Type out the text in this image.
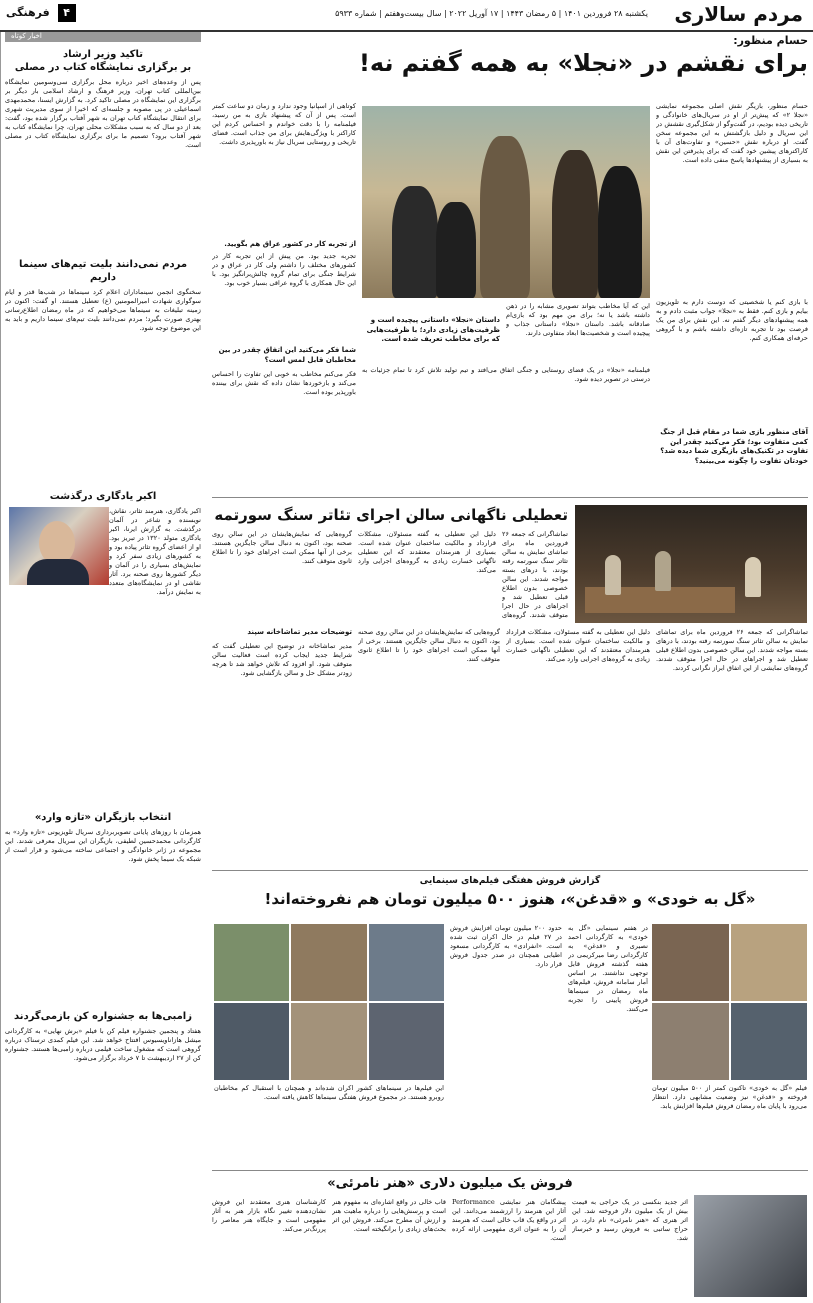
مردم سالاری
یکشنبه ۲۸ فروردین ۱۴۰۱ | ۵ رمضان ۱۴۴۳ | ۱۷ آوریل ۲۰۲۲ | سال بیست‌وهفتم | شماره ۵۹۳۳
۴ فرهنگی
اخبار کوتاه
تاکید وزیر ارشاد
بر برگزاری نمایشگاه کتاب در مصلی
پس از وعده‌های اخیر درباره محل برگزاری سی‌وسومین نمایشگاه بین‌المللی کتاب تهران، وزیر فرهنگ و ارشاد اسلامی بار دیگر بر برگزاری این نمایشگاه در مصلی تاکید کرد. به گزارش ایسنا، محمدمهدی اسماعیلی در پی مصوبه و جلسه‌ای که اخیرا از سوی مدیریت شهری برای انتقال نمایشگاه کتاب تهران به شهر آفتاب برگزار شده بود، گفت: بعد از دو سال که به سبب مشکلات محلی تهران، چرا نمایشگاه کتاب به شهر آفتاب برود؟ تصمیم ما برای برگزاری نمایشگاه کتاب در مصلی است.
مردم نمی‌دانند بلیت تیم‌های سینما داریم
سخنگوی انجمن سینماداران اعلام کرد سینماها در شب‌ها قدر و ایام سوگواری شهادت امیرالمومنین (ع) تعطیل هستند. او گفت: اکنون در زمینه تبلیغات به سینماها می‌خواهیم که در ماه رمضان اطلاع‌رسانی بهتری صورت بگیرد؛ مردم نمی‌دانند بلیت تیم‌های سینما داریم و باید به این موضوع توجه شود.
اکبر یادگاری درگذشت
اکبر یادگاری، هنرمند تئاتر، نقاش، نویسنده و شاعر در آلمان درگذشت. به گزارش ایرنا، اکبر یادگاری متولد ۱۳۲۰ در تبریز بود. او از اعضای گروه تئاتر پیاده بود و به کشورهای زیادی سفر کرد و نمایش‌های بسیاری را در آلمان و دیگر کشورها روی صحنه برد. آثار نقاشی او در نمایشگاه‌های متعدد به نمایش درآمد.
انتخاب بازیگران «تازه وارد»
همزمان با روزهای پایانی تصویربرداری سریال تلویزیونی «تازه وارد» به کارگردانی محمدحسین لطیفی، بازیگران این سریال معرفی شدند. این مجموعه در ژانر خانوادگی و اجتماعی ساخته می‌شود و قرار است از شبکه یک سیما پخش شود.
زامبی‌ها به جشنواره کن بازمی‌گردند
هفتاد و پنجمین جشنواره فیلم کن با فیلم «برش نهایی» به کارگردانی میشل هازاناویسیوس افتتاح خواهد شد. این فیلم کمدی ترسناک درباره گروهی است که مشغول ساخت فیلمی درباره زامبی‌ها هستند. جشنواره کن از ۲۷ اردیبهشت تا ۷ خرداد برگزار می‌شود.
حسام منظور:
برای نقشم در «نجلا» به همه گفتم نه!
حسام منظور، بازیگر نقش اصلی مجموعه نمایشی «نجلا ۲» که پیش‌تر از او در سریال‌های خانوادگی و تاریخی دیده بودیم، در گفت‌وگو از شکل‌گیری نقشش در این سریال و دلیل بازگشتش به این مجموعه سخن گفت. او درباره نقش «حسین» و تفاوت‌های آن با کاراکترهای پیشین خود گفت که برای پذیرفتن این نقش به بسیاری از پیشنهادها پاسخ منفی داده است.
با بازی کنم یا شخصیتی که دوست دارم به تلویزیون بیایم و بازی کنم. فقط به «نجلا» جواب مثبت دادم و به همه پیشنهادهای دیگر گفتم نه. این نقش برای من یک فرصت بود تا تجربه تازه‌ای داشته باشم و با گروهی حرفه‌ای همکاری کنم.
آقای منظور بازی شما در مقام قبل از جنگ کمی متفاوت بود؛ فکر می‌کنید چقدر این تفاوت در تکنیک‌های بازیگری شما دیده شد؟ خودتان تفاوت را چگونه می‌بینید؟
این که آیا مخاطب بتواند تصویری مشابه را در ذهن داشته باشد یا نه؛ برای من مهم بود که بازی‌ام صادقانه باشد. داستان «نجلا» داستانی جذاب و پیچیده است و شخصیت‌ها ابعاد متفاوتی دارند.
داستان «نجلا» داستانی پیچیده است و ظرفیت‌های زیادی دارد؛ با ظرفیت‌هایی که برای مخاطب تعریف شده است.
فیلمنامه «نجلا» در یک فضای روستایی و جنگی اتفاق می‌افتد و تیم تولید تلاش کرد تا تمام جزئیات به درستی در تصویر دیده شود.
کوتاهی از اسپانیا وجود ندارد و زمان دو ساعت کمتر است. پس از آن که پیشنهاد بازی به من رسید، فیلمنامه را با دقت خواندم و احساس کردم این کاراکتر با ویژگی‌هایش برای من جذاب است. فضای تاریخی و روستایی سریال نیاز به باورپذیری داشت.
از تجربه کار در کشور عراق هم بگویید.
تجربه جدید بود. من پیش از این تجربه کار در کشورهای مختلف را داشتم ولی کار در عراق و در شرایط جنگی برای تمام گروه چالش‌برانگیز بود. با این حال همکاری با گروه عراقی بسیار خوب بود.
شما فکر می‌کنید این اتفاق چقدر در بین مخاطبان قابل لمس است؟
فکر می‌کنم مخاطب به خوبی این تفاوت را احساس می‌کند و بازخوردها نشان داده که نقش برای بیننده باورپذیر بوده است.
تعطیلی ناگهانی سالن اجرای تئاتر سنگ سورتمه
تماشاگرانی که جمعه ۲۶ فروردین ماه برای تماشای نمایش به سالن تئاتر سنگ سورتمه رفته بودند، با درهای بسته مواجه شدند. این سالن خصوصی بدون اطلاع قبلی تعطیل شد و اجراهای در حال اجرا متوقف شدند. گروه‌های
دلیل این تعطیلی به گفته مسئولان، مشکلات قرارداد و مالکیت ساختمان عنوان شده است. بسیاری از هنرمندان معتقدند که این تعطیلی ناگهانی خسارت زیادی به گروه‌های اجرایی وارد می‌کند.
گروه‌هایی که نمایش‌هایشان در این سالن روی صحنه بود، اکنون به دنبال سالن جایگزین هستند. برخی از آنها ممکن است اجراهای خود را تا اطلاع ثانوی متوقف کنند.
تماشاگرانی که جمعه ۲۶ فروردین ماه برای تماشای نمایش به سالن تئاتر سنگ سورتمه رفته بودند، با درهای بسته مواجه شدند. این سالن خصوصی بدون اطلاع قبلی تعطیل شد و اجراهای در حال اجرا متوقف شدند. گروه‌های نمایشی از این اتفاق ابراز نگرانی کردند.
دلیل این تعطیلی به گفته مسئولان، مشکلات قرارداد و مالکیت ساختمان عنوان شده است. بسیاری از هنرمندان معتقدند که این تعطیلی ناگهانی خسارت زیادی به گروه‌های اجرایی وارد می‌کند.
گروه‌هایی که نمایش‌هایشان در این سالن روی صحنه بود، اکنون به دنبال سالن جایگزین هستند. برخی از آنها ممکن است اجراهای خود را تا اطلاع ثانوی متوقف کنند.
توضیحات مدیر تماشاخانه سپند
مدیر تماشاخانه در توضیح این تعطیلی گفت که شرایط جدید ایجاب کرده است فعالیت سالن متوقف شود. او افزود که تلاش خواهد شد تا هرچه زودتر مشکل حل و سالن بازگشایی شود.
گزارش فروش هفتگی فیلم‌های سینمایی
«گل به خودی» و «قدغن»، هنوز ۵۰۰ میلیون تومان هم نفروخته‌اند!
در هفتم سینمایی «گل به خودی» به کارگردانی احمد نصیری و «قدغن» به کارگردانی رضا میرکریمی در هفته گذشته فروش قابل توجهی نداشتند. بر اساس آمار سامانه فروش، فیلم‌های ماه رمضان در سینماها فروش پایینی را تجربه می‌کنند.
حدود ۲۰۰ میلیون تومان افزایش فروش در ۲۷ فیلم در حال اکران ثبت شده است. «انفرادی» به کارگردانی مسعود اطیابی همچنان در صدر جدول فروش قرار دارد.
این فیلم‌ها در سینماهای کشور اکران شده‌اند و همچنان با استقبال کم مخاطبان روبرو هستند. در مجموع فروش هفتگی سینماها کاهش یافته است.
فیلم «گل به خودی» تاکنون کمتر از ۵۰۰ میلیون تومان فروخته و «قدغن» نیز وضعیت مشابهی دارد. انتظار می‌رود با پایان ماه رمضان فروش فیلم‌ها افزایش یابد.
فروش یک میلیون دلاری «هنر نامرئی»
اثر جدید بنکسی در یک حراجی به قیمت بیش از یک میلیون دلار فروخته شد. این اثر هنری که «هنر نامرئی» نام دارد، در حراج ساتبی به فروش رسید و خبرساز شد.
پیشگامان هنر نمایشی Performance آثار این هنرمند را ارزشمند می‌دانند. این اثر در واقع یک قاب خالی است که هنرمند آن را به عنوان اثری مفهومی ارائه کرده است.
قاب خالی در واقع اشاره‌ای به مفهوم هنر است و پرسش‌هایی را درباره ماهیت هنر و ارزش آن مطرح می‌کند. فروش این اثر بحث‌های زیادی را برانگیخته است.
کارشناسان هنری معتقدند این فروش نشان‌دهنده تغییر نگاه بازار هنر به آثار مفهومی است و جایگاه هنر معاصر را پررنگ‌تر می‌کند.
